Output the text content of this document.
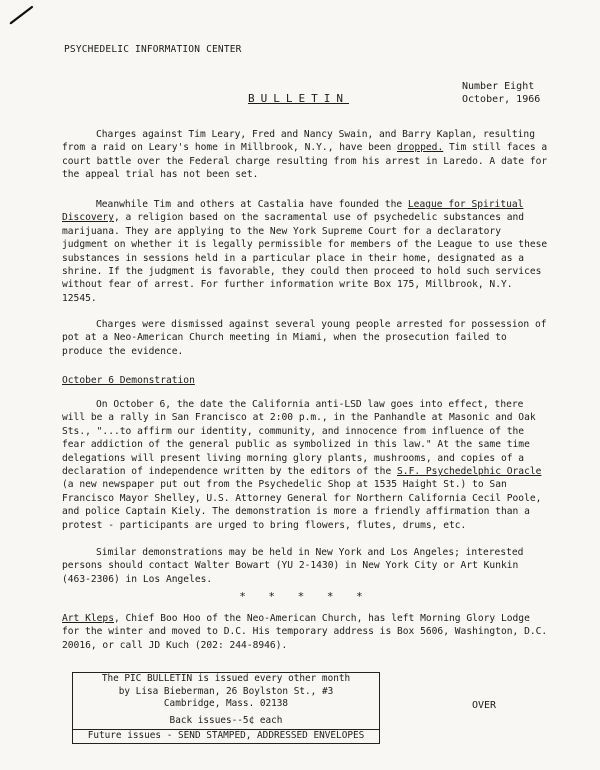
PSYCHEDELIC INFORMATION CENTER
BULLETIN
Number Eight
October, 1966

Charges against Tim Leary, Fred and Nancy Swain, and Barry Kaplan, resulting from a raid on Leary's home in Millbrook, N.Y., have been dropped. Tim still faces a court battle over the Federal charge resulting from his arrest in Laredo. A date for the appeal trial has not been set.

Meanwhile Tim and others at Castalia have founded the League for Spiritual Discovery, a religion based on the sacramental use of psychedelic substances and marijuana. They are applying to the New York Supreme Court for a declaratory judgment on whether it is legally permissible for members of the League to use these substances in sessions held in a particular place in their home, designated as a shrine. If the judgment is favorable, they could then proceed to hold such services without fear of arrest. For further information write Box 175, Millbrook, N.Y. 12545.

Charges were dismissed against several young people arrested for possession of pot at a Neo-American Church meeting in Miami, when the prosecution failed to produce the evidence.

October 6 Demonstration

On October 6, the date the California anti-LSD law goes into effect, there will be a rally in San Francisco at 2:00 p.m., in the Panhandle at Masonic and Oak Sts., "...to affirm our identity, community, and innocence from influence of the fear addiction of the general public as symbolized in this law." At the same time delegations will present living morning glory plants, mushrooms, and copies of a declaration of independence written by the editors of the S.F. Psychedelphic Oracle (a new newspaper put out from the Psychedelic Shop at 1535 Haight St.) to San Francisco Mayor Shelley, U.S. Attorney General for Northern California Cecil Poole, and police Captain Kiely. The demonstration is more a friendly affirmation than a protest - participants are urged to bring flowers, flutes, drums, etc.

Similar demonstrations may be held in New York and Los Angeles; interested persons should contact Walter Bowart (YU 2-1430) in New York City or Art Kunkin (463-2306) in Los Angeles.

* * * * *

Art Kleps, Chief Boo Hoo of the Neo-American Church, has left Morning Glory Lodge for the winter and moved to D.C. His temporary address is Box 5606, Washington, D.C. 20016, or call JD Kuch (202: 244-8946).

The PIC BULLETIN is issued every other month
by Lisa Bieberman, 26 Boylston St., #3
Cambridge, Mass. 02138
Back issues--5¢ each
Future issues - SEND STAMPED, ADDRESSED ENVELOPES
OVER
